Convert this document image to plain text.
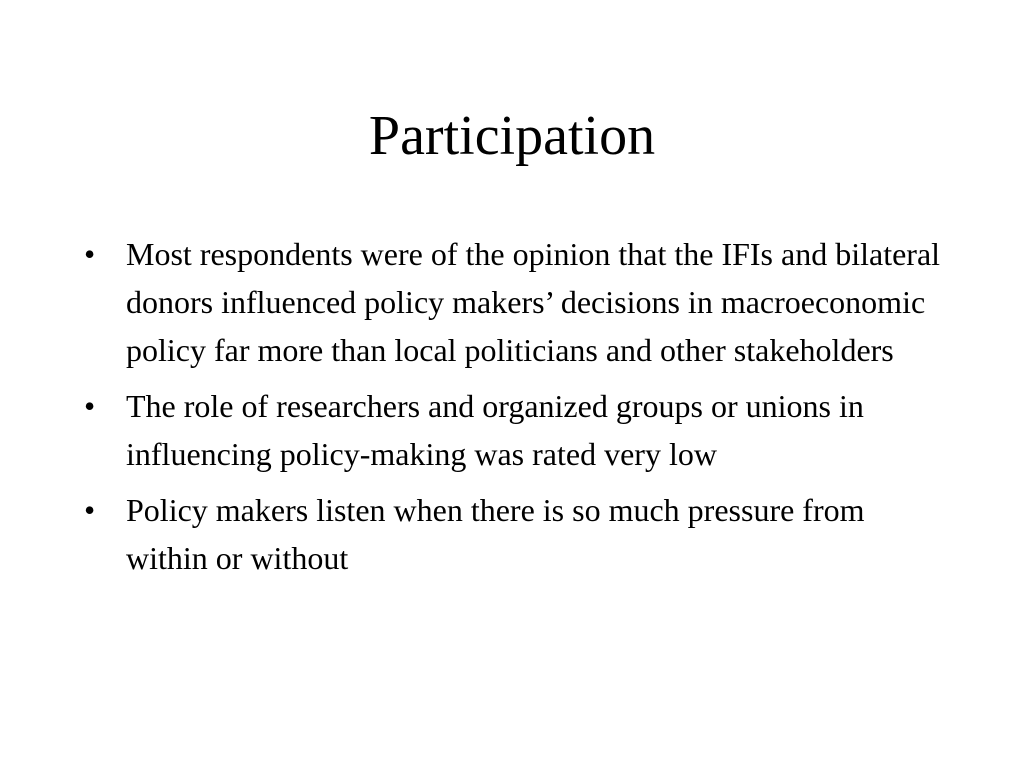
Participation
• Most respondents were of the opinion that the IFIs and bilateral donors influenced policy makers’ decisions in macroeconomic policy far more than local politicians and other stakeholders
• The role of researchers and organized groups or unions in influencing policy-making was rated very low
• Policy makers listen when there is so much pressure from within or without
